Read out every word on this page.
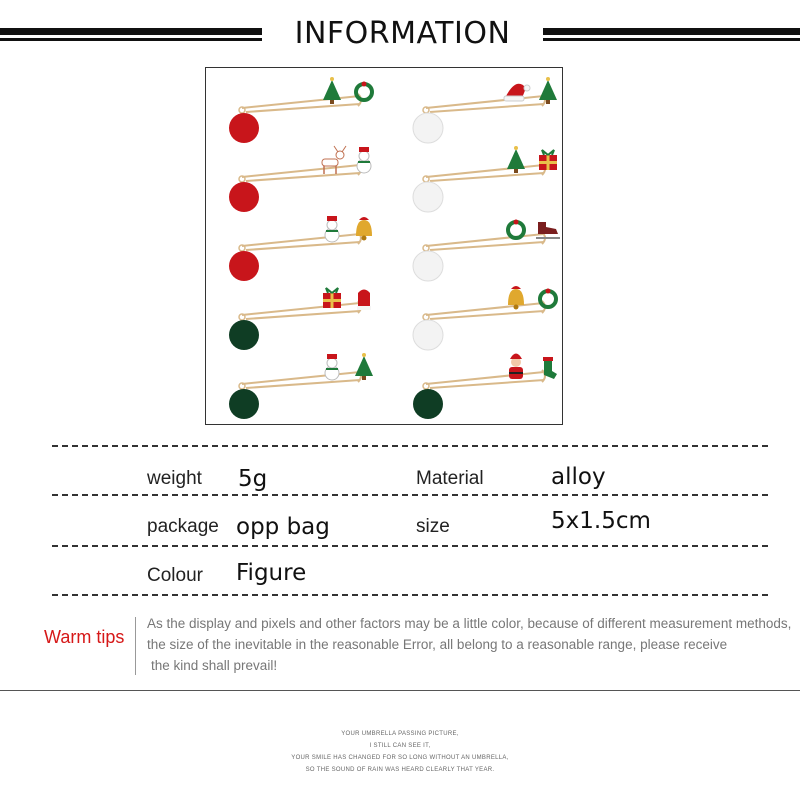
INFORMATION
weight 5g	Material	alloy
package opp bag	size	5x1.5cm
Colour Figure
Warm tips
As the display and pixels and other factors may be a little color, because of different measurement methods,
the size of the inevitable in the reasonable Error, all belong to a reasonable range, please receive
the kind shall prevail!
YOUR UMBRELLA PASSING PICTURE,
I STILL CAN SEE IT,
YOUR SMILE HAS CHANGED FOR SO LONG WITHOUT AN UMBRELLA,
SO THE SOUND OF RAIN WAS HEARD CLEARLY THAT YEAR.
